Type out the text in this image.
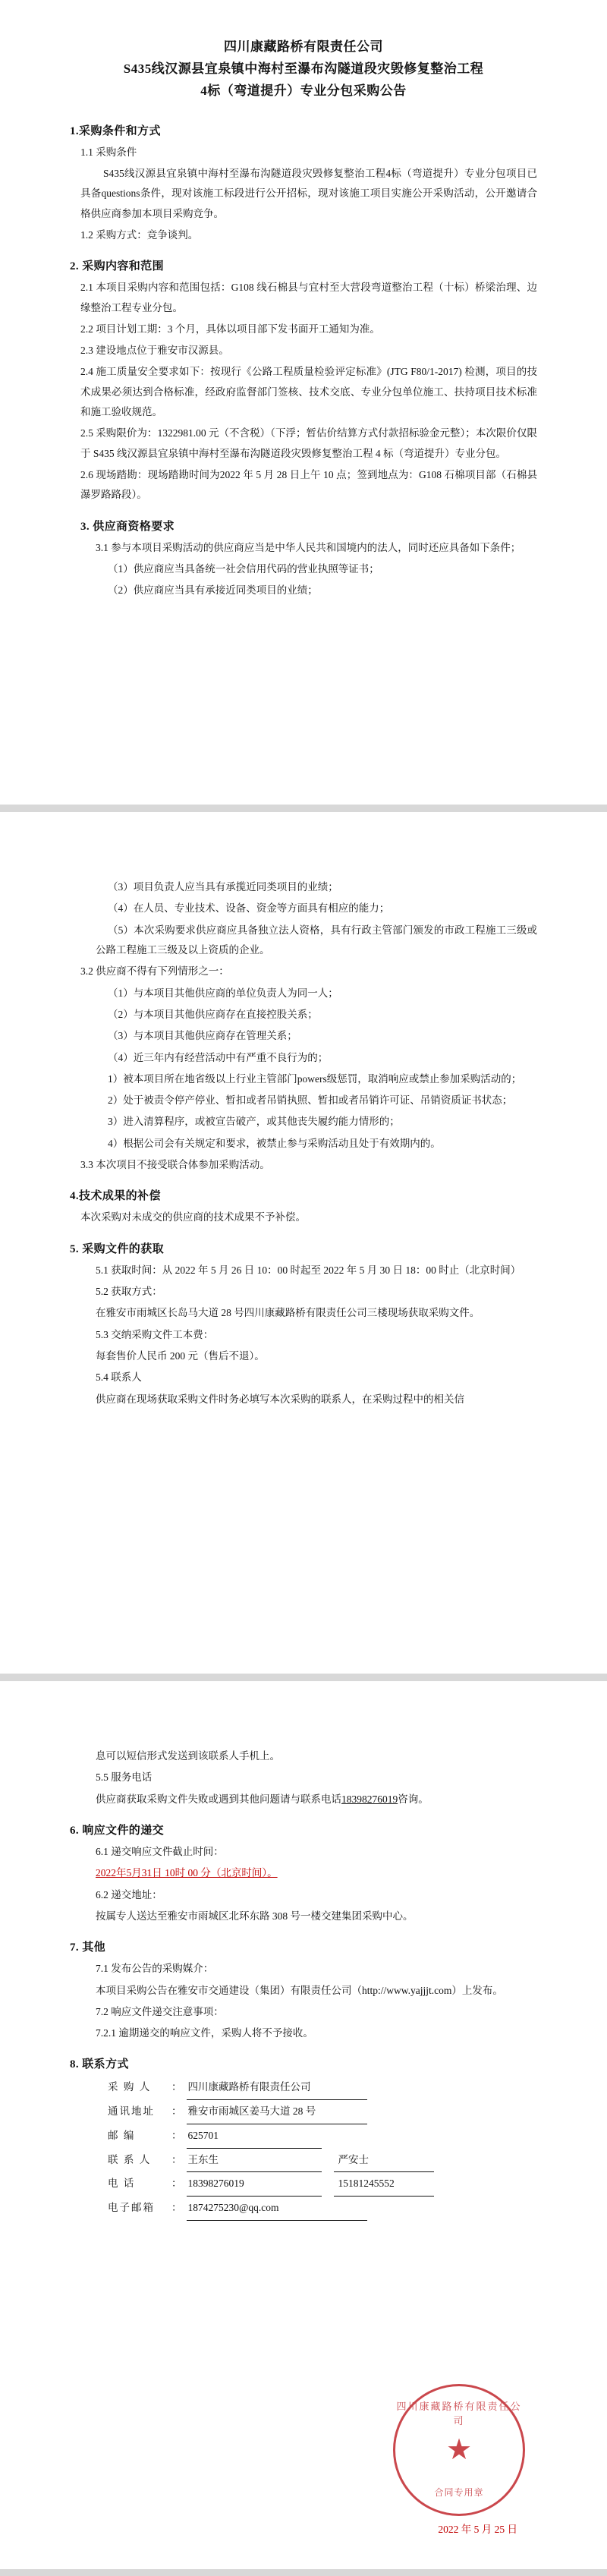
四川康藏路桥有限责任公司
S435线汉源县宜泉镇中海村至瀑布沟隧道段灾毁修复整治工程
4标（弯道提升）专业分包采购公告
1.采购条件和方式

1.1 采购条件

S435线汉源县宜泉镇中海村至瀑布沟隧道段灾毁修复整治工程4标（弯道提升）专业分包项目已具备questions条件，现对该施工标段进行公开招标，现对该施工项目实施公开采购活动，公开邀请合格供应商参加本项目采购竞争。

1.2 采购方式：竞争谈判。

2. 采购内容和范围

2.1 本项目采购内容和范围包括：G108 线石棉县与宜村至大营段弯道整治工程（十标）桥梁治理、边缘整治工程专业分包。

2.2 项目计划工期：3 个月，具体以项目部下发书面开工通知为准。

2.3 建设地点位于雅安市汉源县。

2.4 施工质量安全要求如下：按现行《公路工程质量检验评定标准》(JTG F80/1-2017) 检测，项目的技术成果必须达到合格标准，经政府监督部门签核、技术交底、专业分包单位施工、扶持项目技术标准和施工验收规范。

2.5 采购限价为：1322981.00 元（不含税）（下浮；暂估价结算方式付款招标验金元整）；本次限价仅限于 S435 线汉源县宜泉镇中海村至瀑布沟隧道段灾毁修复整治工程 4 标（弯道提升）专业分包。

2.6 现场踏勘：现场踏勘时间为2022 年 5 月 28 日上午 10 点；签到地点为：G108 石棉项目部（石棉县瀑罗路路段）。

3. 供应商资格要求

3.1 参与本项目采购活动的供应商应当是中华人民共和国境内的法人，同时还应具备如下条件；

（1）供应商应当具备统一社会信用代码的营业执照等证书；

（2）供应商应当具有承接近同类项目的业绩；

（3）项目负责人应当具有承揽近同类项目的业绩；

（4）在人员、专业技术、设备、资金等方面具有相应的能力；

（5）本次采购要求供应商应具备独立法人资格，具有行政主管部门颁发的市政工程施工三级或公路工程施工三级及以上资质的企业。

3.2 供应商不得有下列情形之一：

（1）与本项目其他供应商的单位负责人为同一人；

（2）与本项目其他供应商存在直接控股关系；

（3）与本项目其他供应商存在管理关系；

（4）近三年内有经营活动中有严重不良行为的；

1）被本项目所在地省级以上行业主管部门powers级惩罚，取消响应或禁止参加采购活动的；

2）处于被责令停产停业、暂扣或者吊销执照、暂扣或者吊销许可证、吊销资质证书状态；

3）进入清算程序，或被宣告破产，或其他丧失履约能力情形的；

4）根据公司会有关规定和要求，被禁止参与采购活动且处于有效期内的。

3.3 本次项目不接受联合体参加采购活动。

4.技术成果的补偿

本次采购对未成交的供应商的技术成果不予补偿。

5. 采购文件的获取

5.1 获取时间：从 2022 年 5 月 26 日 10：00 时起至 2022 年 5 月 30 日 18：00 时止（北京时间）

5.2 获取方式：

在雅安市雨城区长岛马大道 28 号四川康藏路桥有限责任公司三楼现场获取采购文件。

5.3 交纳采购文件工本费：

每套售价人民币 200 元（售后不退）。

5.4 联系人

供应商在现场获取采购文件时务必填写本次采购的联系人，在采购过程中的相关信

息可以短信形式发送到该联系人手机上。

5.5 服务电话

供应商获取采购文件失败或遇到其他问题请与联系电话18398276019咨询。

6. 响应文件的递交

6.1 递交响应文件截止时间：

2022年5月31日 10时 00 分（北京时间）。

6.2 递交地址：

按属专人送达至雅安市雨城区北环东路 308 号一楼交建集团采购中心。

7. 其他

7.1 发布公告的采购媒介：

本项目采购公告在雅安市交通建设（集团）有限责任公司（http://www.yajjjt.com）上发布。

7.2 响应文件递交注意事项：

7.2.1 逾期递交的响应文件，采购人将不予接收。

8. 联系方式
采 购 人	： 四川康藏路桥有限责任公司
通讯地址	： 雅安市雨城区姜马大道 28 号
邮 编	： 625701
联 系 人	： 王东生	严安士
电 话	： 18398276019	15181245552
电子邮箱	： 1874275230@qq.com
四川康藏路桥有限责任公司
★
合同专用章
2022 年 5 月 25 日
